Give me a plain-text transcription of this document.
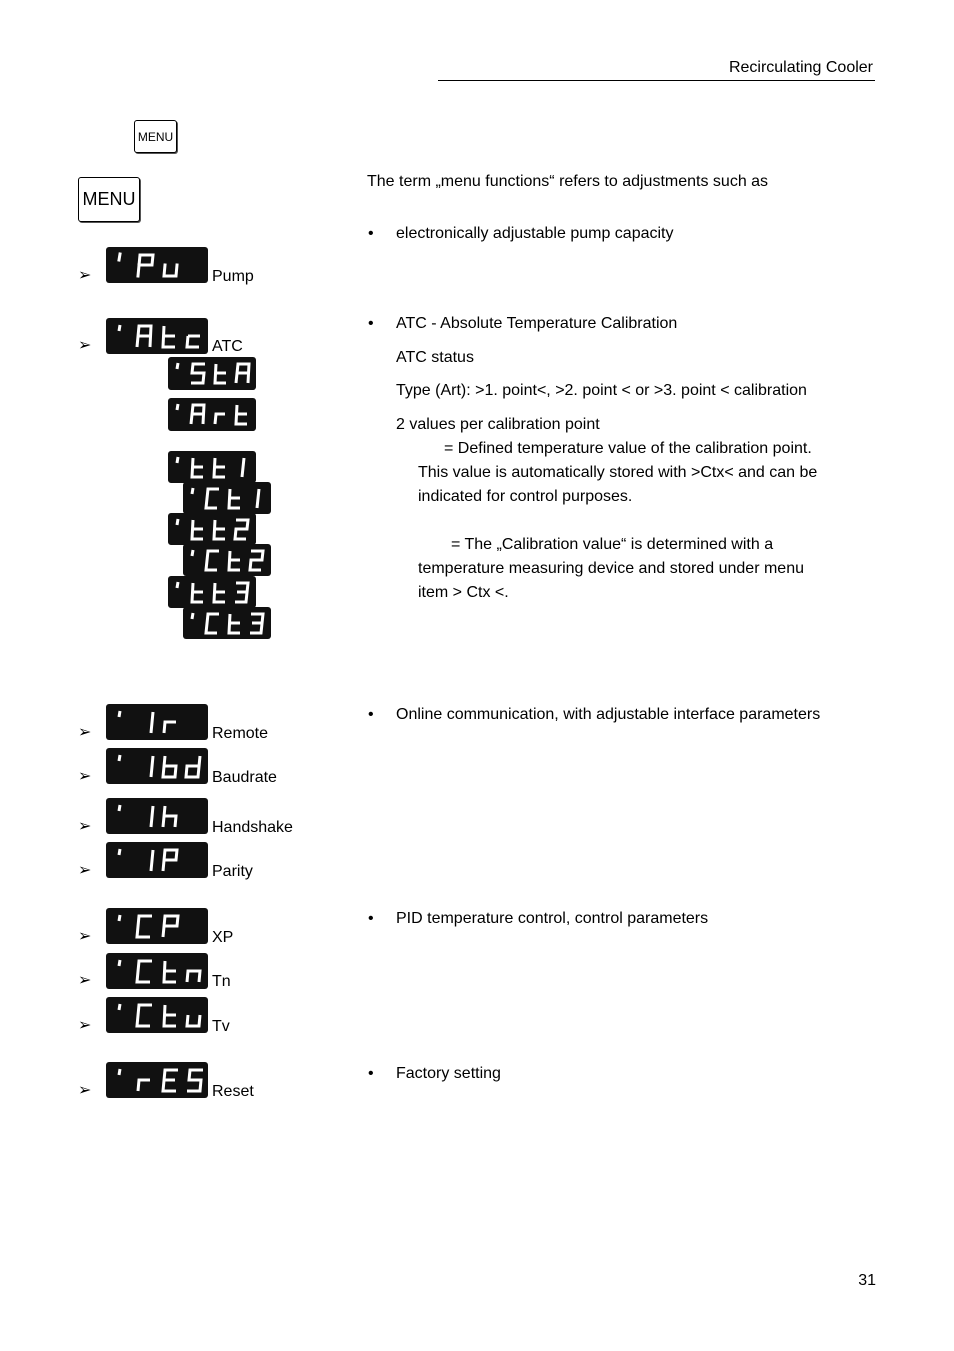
Recirculating Cooler
MENU
MENU
➢	Pump
➢	ATC
➢	Remote
➢	Baudrate
➢	Handshake
➢	Parity
➢	XP
➢	Tn
➢	Tv
➢	Reset
The term „menu functions“ refers to adjustments such as
• electronically adjustable pump capacity
• ATC - Absolute Temperature Calibration
ATC status
Type (Art): >1. point<, >2. point < or >3. point < calibration
2 values per calibration point
= Defined temperature value of the calibration point.
This value is automatically stored with >Ctx< and can be
indicated for control purposes.
= The „Calibration value“ is determined with a
temperature measuring device and stored under menu
item > Ctx <.
• Online communication, with adjustable interface parameters
• PID temperature control, control parameters
• Factory setting
31
